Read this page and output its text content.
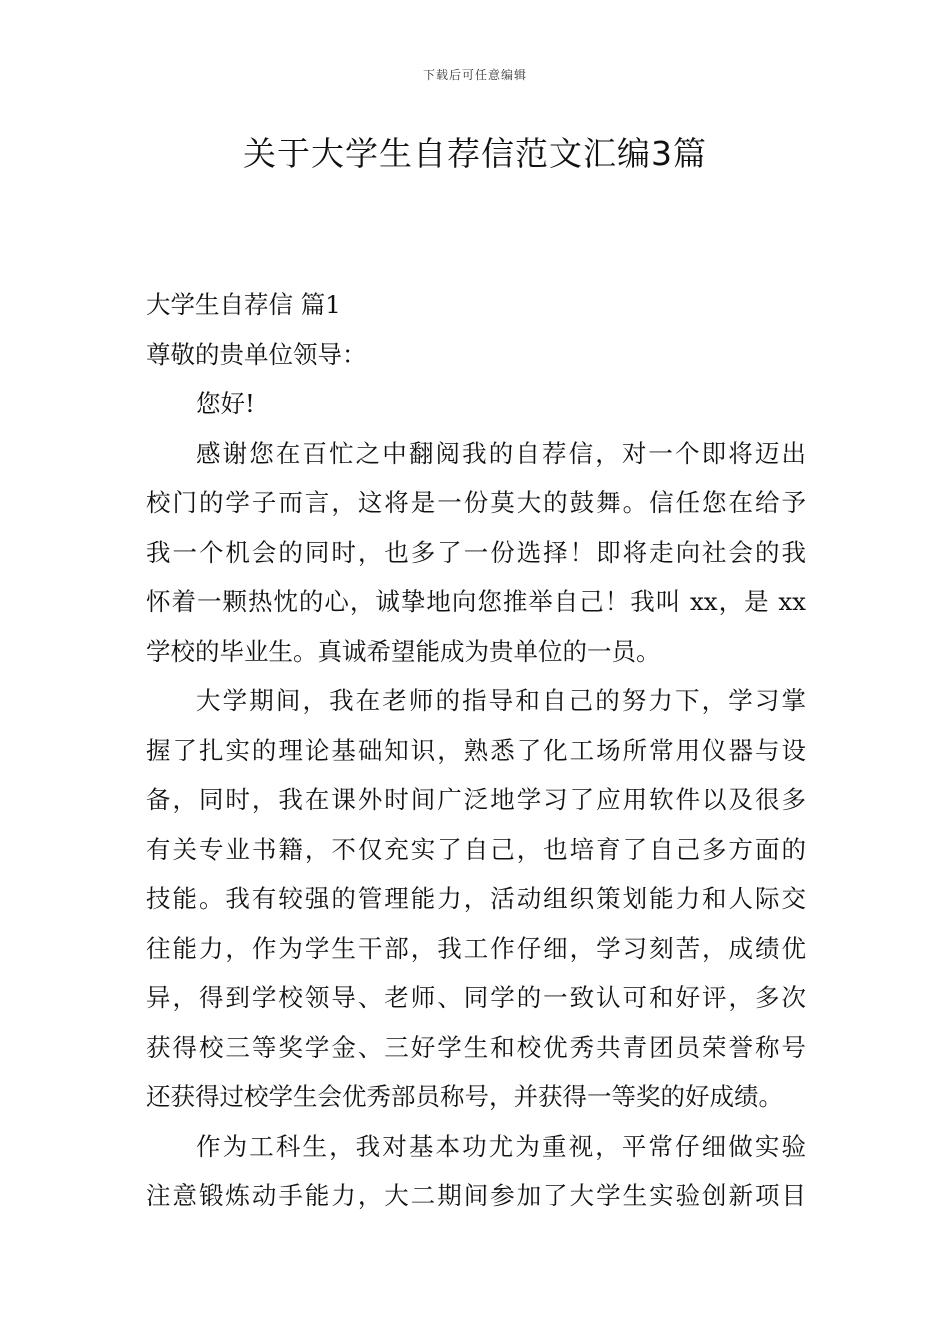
下载后可任意编辑
关于大学生自荐信范文汇编3篇
大学生自荐信 篇1
尊敬的贵单位领导：
您好!
感谢您在百忙之中翻阅我的自荐信，对一个即将迈出
校门的学子而言，这将是一份莫大的鼓舞。信任您在给予
我一个机会的同时，也多了一份选择！即将走向社会的我
怀着一颗热忱的心，诚挚地向您推举自己！我叫 xx，是 xx
学校的毕业生。真诚希望能成为贵单位的一员。
大学期间，我在老师的指导和自己的努力下，学习掌
握了扎实的理论基础知识，熟悉了化工场所常用仪器与设
备，同时，我在课外时间广泛地学习了应用软件以及很多
有关专业书籍，不仅充实了自己，也培育了自己多方面的
技能。我有较强的管理能力，活动组织策划能力和人际交
往能力，作为学生干部，我工作仔细，学习刻苦，成绩优
异，得到学校领导、老师、同学的一致认可和好评，多次
获得校三等奖学金、三好学生和校优秀共青团员荣誉称号
还获得过校学生会优秀部员称号，并获得一等奖的好成绩。
作为工科生，我对基本功尤为重视，平常仔细做实验
注意锻炼动手能力，大二期间参加了大学生实验创新项目
